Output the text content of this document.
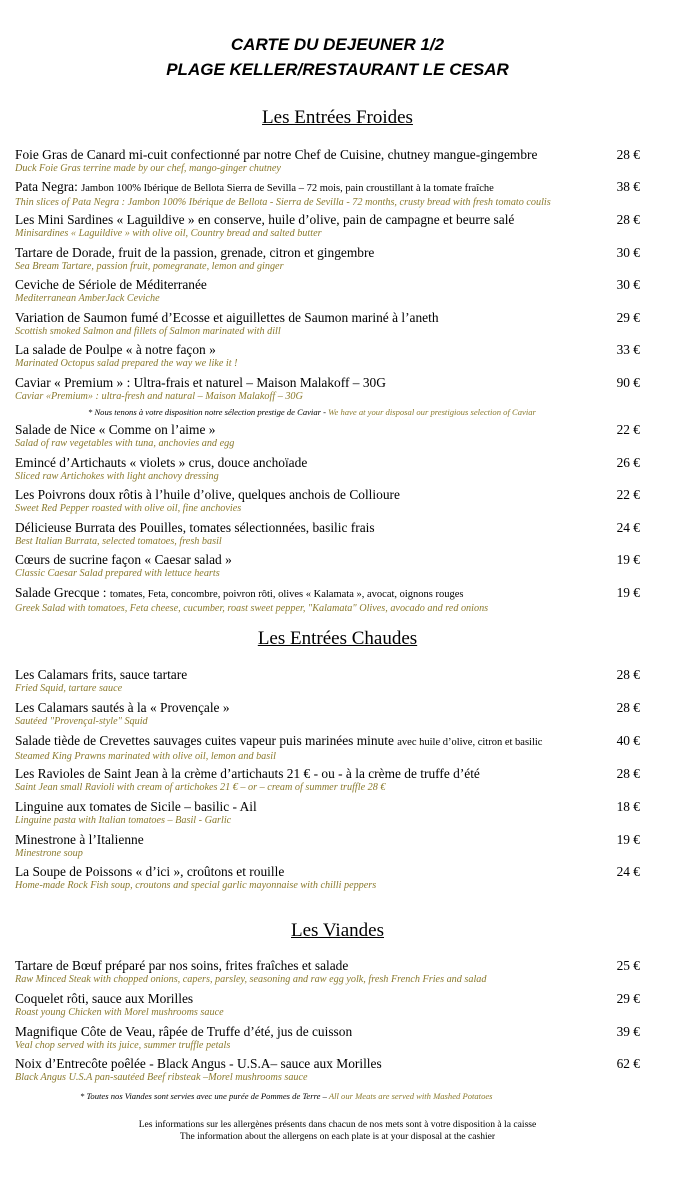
CARTE DU DEJEUNER 1/2
PLAGE KELLER/RESTAURANT LE CESAR
Les Entrées Froides
Foie Gras de Canard mi-cuit confectionné par notre Chef de Cuisine, chutney mangue-gingembre	28 €
Duck Foie Gras terrine made by our chef, mango-ginger chutney
Pata Negra: Jambon 100% Ibérique de Bellota Sierra de Sevilla – 72 mois, pain croustillant à la tomate fraîche	38 €
Thin slices of Pata Negra : Jambon 100% Ibérique de Bellota - Sierra de Sevilla - 72 months, crusty bread with fresh tomato coulis
Les Mini Sardines « Laguildive » en conserve, huile d’olive, pain de campagne et beurre salé	28 €
Minisardines « Laguildive » with olive oil, Country bread and salted butter
Tartare de Dorade, fruit de la passion, grenade, citron et gingembre	30 €
Sea Bream Tartare, passion fruit, pomegranate, lemon and ginger
Ceviche de Sériole de Méditerranée	30 €
Mediterranean AmberJack Ceviche
Variation de Saumon fumé d’Ecosse et aiguillettes de Saumon mariné à l’aneth	29 €
Scottish smoked Salmon and fillets of Salmon marinated with dill
La salade de Poulpe « à notre façon »	33 €
Marinated Octopus salad prepared the way we like it !
Caviar « Premium » : Ultra-frais et naturel – Maison Malakoff – 30G	90 €
Caviar «Premium» : ultra-fresh and natural – Maison Malakoff – 30G
Salade de Nice « Comme on l’aime »	22 €
Salad of raw vegetables with tuna, anchovies and egg
Emincé d’Artichauts « violets » crus, douce anchoïade	26 €
Sliced raw Artichokes with light anchovy dressing
Les Poivrons doux rôtis à l’huile d’olive, quelques anchois de Collioure	22 €
Sweet Red Pepper roasted with olive oil, fine anchovies
Délicieuse Burrata des Pouilles, tomates sélectionnées, basilic frais	24 €
Best Italian Burrata, selected tomatoes, fresh basil
Cœurs de sucrine façon « Caesar salad »	19 €
Classic Caesar Salad prepared with lettuce hearts
Salade Grecque : tomates, Feta, concombre, poivron rôti, olives « Kalamata », avocat, oignons rouges	19 €
Greek Salad with tomatoes, Feta cheese, cucumber, roast sweet pepper, "Kalamata" Olives, avocado and red onions
* Nous tenons à votre disposition notre sélection prestige de Caviar - We have at your disposal our prestigious selection of Caviar
Les Entrées Chaudes
Les Calamars frits, sauce tartare	28 €
Fried Squid, tartare sauce
Les Calamars sautés à la « Provençale »	28 €
Sautéed "Provençal-style" Squid
Salade tiède de Crevettes sauvages cuites vapeur puis marinées minute avec huile d’olive, citron et basilic	40 €
Steamed King Prawns marinated with olive oil, lemon and basil
Les Ravioles de Saint Jean à la crème d’artichauts 21 € - ou - à la crème de truffe d’été	28 €
Saint Jean small Ravioli with cream of artichokes 21 € – or – cream of summer truffle 28 €
Linguine aux tomates de Sicile – basilic - Ail	18 €
Linguine pasta with Italian tomatoes – Basil - Garlic
Minestrone à l’Italienne	19 €
Minestrone soup
La Soupe de Poissons « d’ici », croûtons et rouille	24 €
Home-made Rock Fish soup, croutons and special garlic mayonnaise with chilli peppers
Les Viandes
Tartare de Bœuf préparé par nos soins, frites fraîches et salade	25 €
Raw Minced Steak with chopped onions, capers, parsley, seasoning and raw egg yolk, fresh French Fries and salad
Coquelet rôti, sauce aux Morilles	29 €
Roast young Chicken with Morel mushrooms sauce
Magnifique Côte de Veau, râpée de Truffe d’été, jus de cuisson	39 €
Veal chop served with its juice, summer truffle petals
Noix d’Entrecôte poêlée - Black Angus - U.S.A– sauce aux Morilles	62 €
Black Angus U.S.A pan-sautéed Beef ribsteak –Morel mushrooms sauce
* Toutes nos Viandes sont servies avec une purée de Pommes de Terre – All our Meats are served with Mashed Potatoes
Les informations sur les allergènes présents dans chacun de nos mets sont à votre disposition à la caisse
The information about the allergens on each plate is at your disposal at the cashier
